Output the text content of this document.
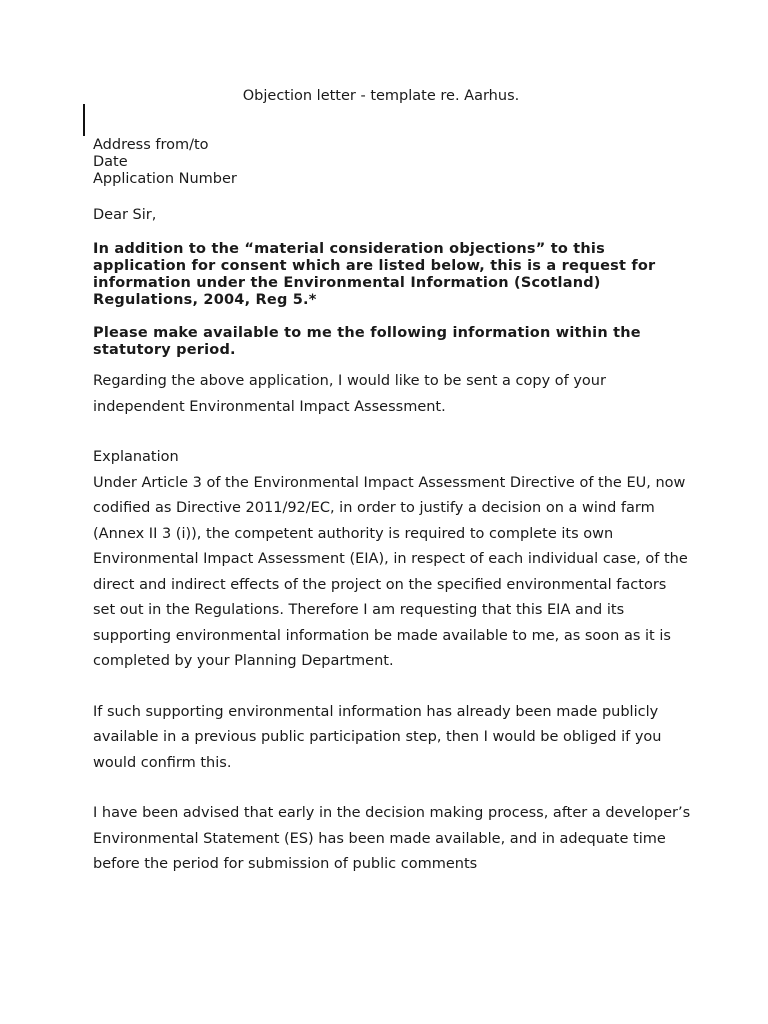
Objection letter - template re. Aarhus.
Address from/to
Date
Application Number
Dear Sir,
In addition to the “material consideration objections” to this application for consent which are listed below, this is a request for information under the Environmental Information (Scotland) Regulations, 2004, Reg 5.*
Please make available to me the following information within the statutory period.
Regarding the above application, I would like to be sent a copy of your independent Environmental Impact Assessment.
Explanation
Under Article 3 of the Environmental Impact Assessment Directive of the EU, now codified as Directive 2011/92/EC, in order to justify a decision on a wind farm (Annex II 3 (i)), the competent authority is required to complete its own Environmental Impact Assessment (EIA), in respect of each individual case, of the direct and indirect effects of the project on the specified environmental factors set out in the Regulations. Therefore I am requesting that this EIA and its supporting environmental information be made available to me, as soon as it is completed by your Planning Department.
If such supporting environmental information has already been made publicly available in a previous public participation step, then I would be obliged if you would confirm this.
I have been advised that early in the decision making process, after a developer’s Environmental Statement (ES) has been made available, and in adequate time before the period for submission of public comments
